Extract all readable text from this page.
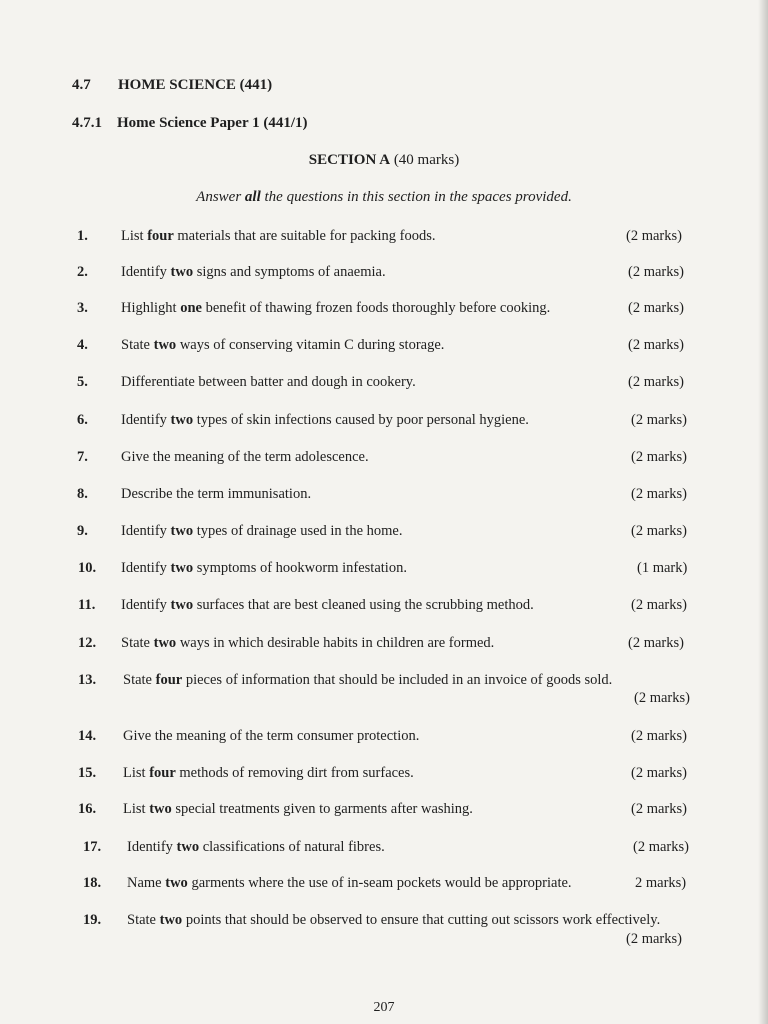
4.7 HOME SCIENCE (441)
4.7.1 Home Science Paper 1 (441/1)
SECTION A (40 marks)
Answer all the questions in this section in the spaces provided.
1.	List four materials that are suitable for packing foods.	(2 marks)
2.	Identify two signs and symptoms of anaemia.	(2 marks)
3.	Highlight one benefit of thawing frozen foods thoroughly before cooking.	(2 marks)
4.	State two ways of conserving vitamin C during storage.	(2 marks)
5.	Differentiate between batter and dough in cookery.	(2 marks)
6.	Identify two types of skin infections caused by poor personal hygiene.	(2 marks)
7.	Give the meaning of the term adolescence.	(2 marks)
8.	Describe the term immunisation.	(2 marks)
9.	Identify two types of drainage used in the home.	(2 marks)
10.	Identify two symptoms of hookworm infestation.	(1 mark)
11.	Identify two surfaces that are best cleaned using the scrubbing method.	(2 marks)
12.	State two ways in which desirable habits in children are formed.	(2 marks)
13.	State four pieces of information that should be included in an invoice of goods sold.
(2 marks)
14.	Give the meaning of the term consumer protection.	(2 marks)
15.	List four methods of removing dirt from surfaces.	(2 marks)
16.	List two special treatments given to garments after washing.	(2 marks)
17.	Identify two classifications of natural fibres.	(2 marks)
18.	Name two garments where the use of in-seam pockets would be appropriate.	2 marks)
19.	State two points that should be observed to ensure that cutting out scissors work effectively.
(2 marks)
207
